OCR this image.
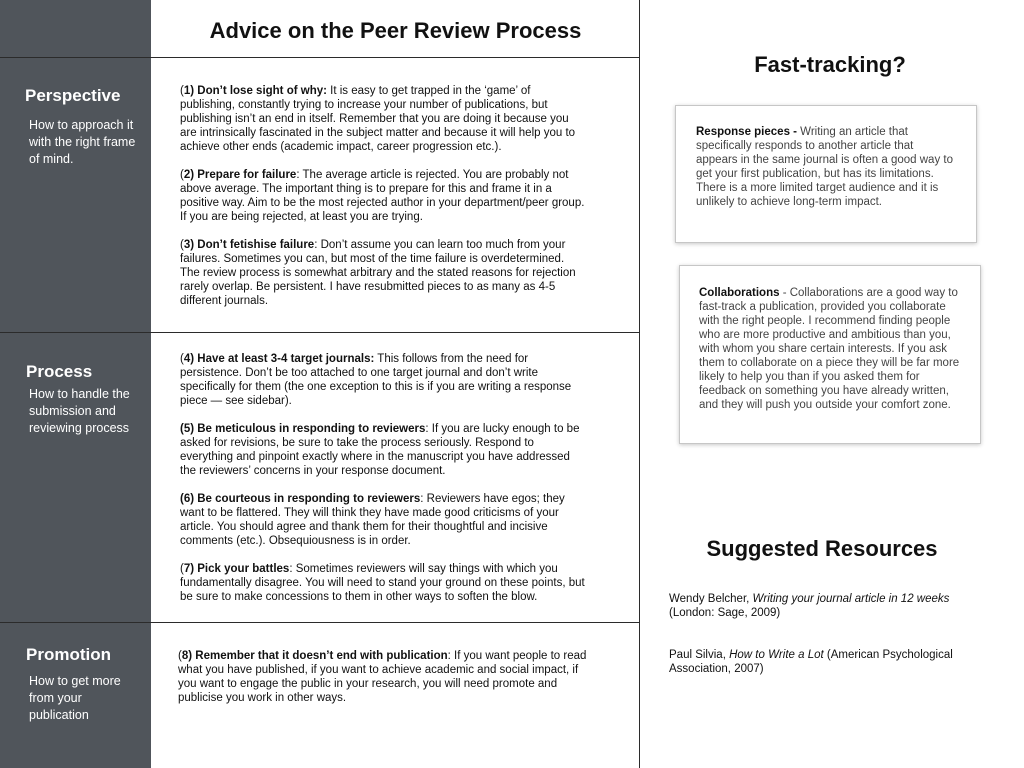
Perspective

How to approach it with the right frame of mind.

Process

How to handle the submission and reviewing process

Promotion

How to get more from your publication

Advice on the Peer Review Process

(1) Don’t lose sight of why: It is easy to get trapped in the ‘game’ of publishing, constantly trying to increase your number of publications, but publishing isn’t an end in itself. Remember that you are doing it because you are intrinsically fascinated in the subject matter and because it will help you to achieve other ends (academic impact, career progression etc.).

(2) Prepare for failure: The average article is rejected. You are probably not above average. The important thing is to prepare for this and frame it in a positive way. Aim to be the most rejected author in your department/peer group. If you are being rejected, at least you are trying.

(3) Don’t fetishise failure: Don’t assume you can learn too much from your failures. Sometimes you can, but most of the time failure is overdetermined. The review process is somewhat arbitrary and the stated reasons for rejection rarely overlap. Be persistent. I have resubmitted pieces to as many as 4-5 different journals.

(4) Have at least 3-4 target journals: This follows from the need for persistence. Don’t be too attached to one target journal and don’t write specifically for them (the one exception to this is if you are writing a response piece — see sidebar).

(5) Be meticulous in responding to reviewers: If you are lucky enough to be asked for revisions, be sure to take the process seriously. Respond to everything and pinpoint exactly where in the manuscript you have addressed the reviewers’ concerns in your response document.

(6) Be courteous in responding to reviewers: Reviewers have egos; they want to be flattered. They will think they have made good criticisms of your article. You should agree and thank them for their thoughtful and incisive comments (etc.). Obsequiousness is in order.

(7) Pick your battles: Sometimes reviewers will say things with which you fundamentally disagree. You will need to stand your ground on these points, but be sure to make concessions to them in other ways to soften the blow.

(8) Remember that it doesn’t end with publication: If you want people to read what you have published, if you want to achieve academic and social impact, if you want to engage the public in your research, you will need promote and publicise you work in other ways.

Fast-tracking?

Response pieces - Writing an article that specifically responds to another article that appears in the same journal is often a good way to get your first publication, but has its limitations. There is a more limited target audience and it is unlikely to achieve long-term impact.

Collaborations - Collaborations are a good way to fast-track a publication, provided you collaborate with the right people. I recommend finding people who are more productive and ambitious than you, with whom you share certain interests. If you ask them to collaborate on a piece they will be far more likely to help you than if you asked them for feedback on something you have already written, and they will push you outside your comfort zone.

Suggested Resources

Wendy Belcher, Writing your journal article in 12 weeks (London: Sage, 2009)

Paul Silvia, How to Write a Lot (American Psychological Association, 2007)
